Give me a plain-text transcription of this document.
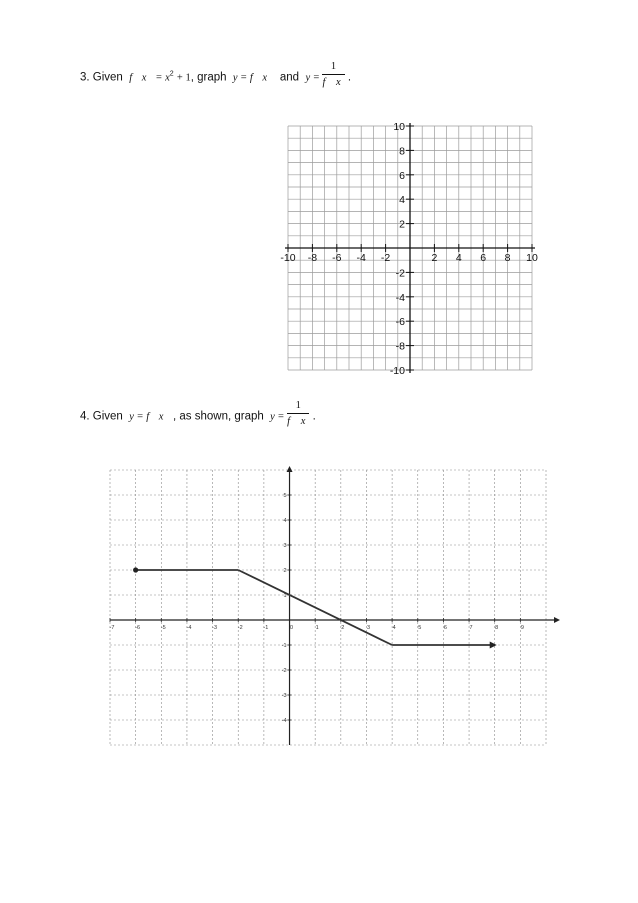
3. Given f $x = x^2 + 1$, graph y = f x and $y = \frac{1}{\text{f x}}$ .
4. Given y = f x , as shown, graph $y = \frac{1}{\text{f x}}$ .
-10 -8 -6 -4 -2	2 4 6 8 10
10
8
6
4
2
-2
-4
-6
-8
-10
-7	-6	-5	-4	-3	-2	-1	0	1	2	3	4	5	6	7	8	9
5
4
3
2
1
-1
-2
-3
-4
